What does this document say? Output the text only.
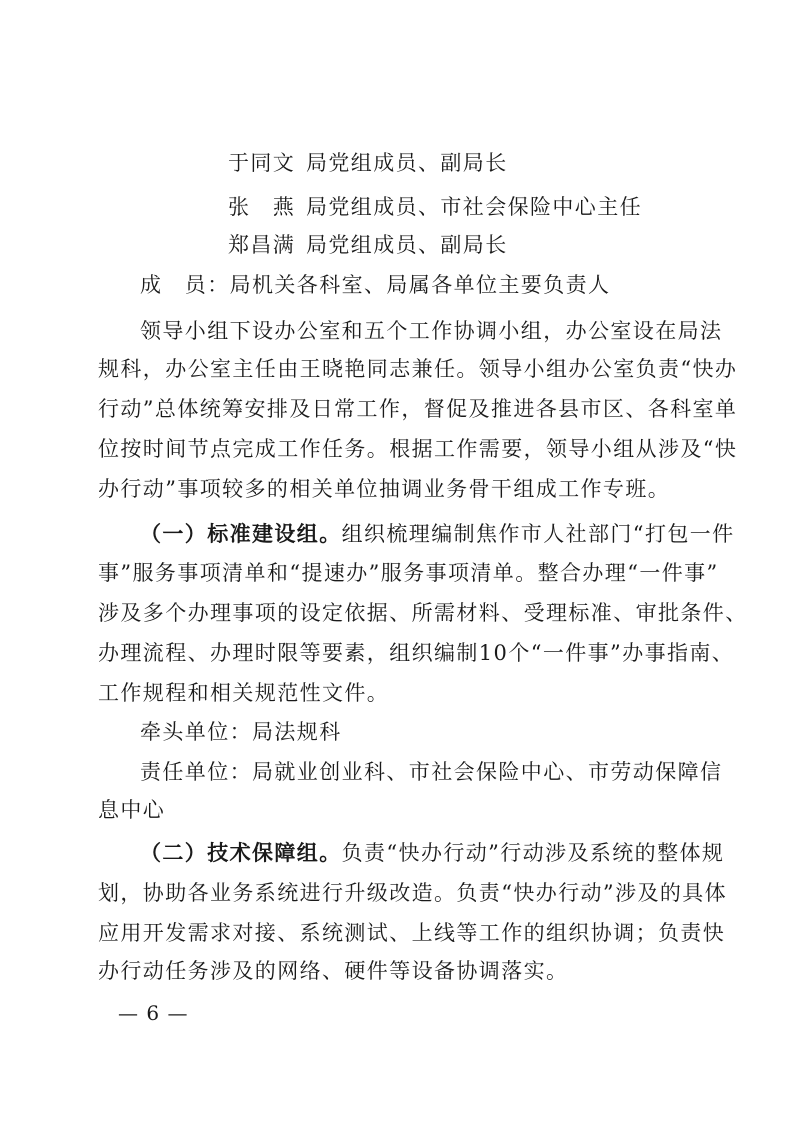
于同文 局党组成员、副局长
张　燕 局党组成员、市社会保险中心主任
郑昌满 局党组成员、副局长
成　员：局机关各科室、局属各单位主要负责人
领导小组下设办公室和五个工作协调小组，办公室设在局法
规科，办公室主任由王晓艳同志兼任。领导小组办公室负责“快办
行动”总体统筹安排及日常工作，督促及推进各县市区、各科室单
位按时间节点完成工作任务。根据工作需要，领导小组从涉及“快
办行动”事项较多的相关单位抽调业务骨干组成工作专班。
（一）标准建设组。组织梳理编制焦作市人社部门“打包一件
事”服务事项清单和“提速办”服务事项清单。整合办理“一件事”
涉及多个办理事项的设定依据、所需材料、受理标准、审批条件、
办理流程、办理时限等要素，组织编制10个“一件事”办事指南、
工作规程和相关规范性文件。
牵头单位：局法规科
责任单位：局就业创业科、市社会保险中心、市劳动保障信
息中心
（二）技术保障组。负责“快办行动”行动涉及系统的整体规
划，协助各业务系统进行升级改造。负责“快办行动”涉及的具体
应用开发需求对接、系统测试、上线等工作的组织协调；负责快
办行动任务涉及的网络、硬件等设备协调落实。
— 6 —
